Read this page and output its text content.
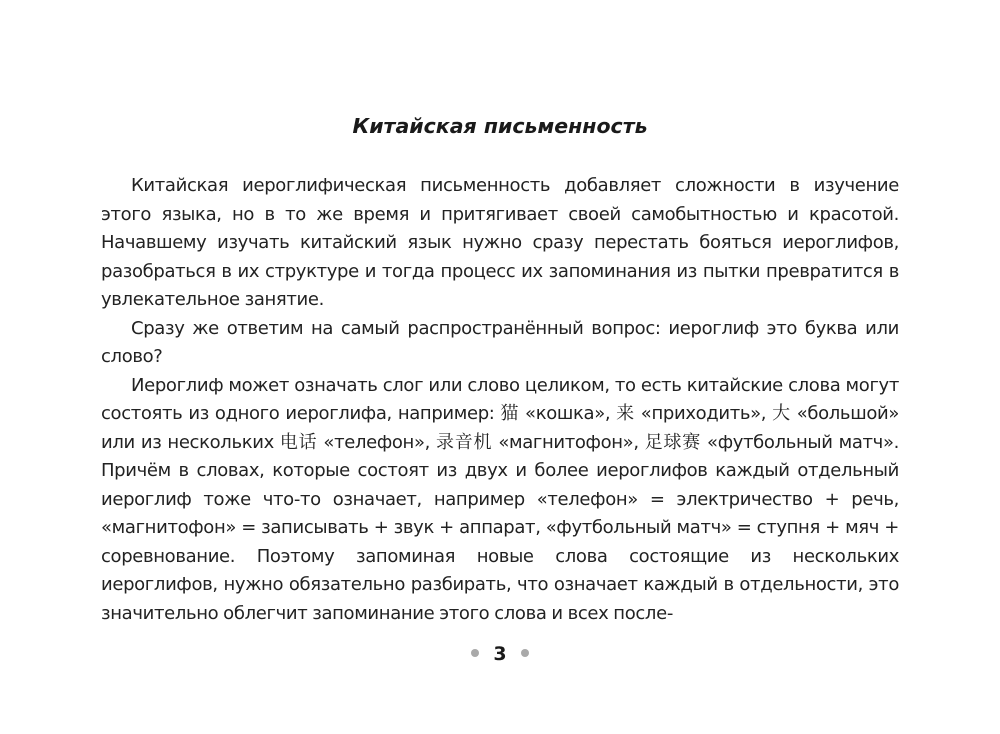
Китайская письменность

Китайская иероглифическая письменность добавляет сложности в изучение этого языка, но в то же время и притягивает своей самобытностью и красотой. Начавшему изучать китайский язык нужно сразу перестать бояться иероглифов, разобраться в их структуре и тогда процесс их запоминания из пытки превратится в увлекательное занятие.

Сразу же ответим на самый распространённый вопрос: иероглиф это буква или слово?

Иероглиф может означать слог или слово целиком, то есть китайские слова могут состоять из одного иероглифа, например: 猫 «кошка», 来 «приходить», 大 «большой» или из нескольких 电话 «телефон», 录音机 «магнитофон», 足球赛 «футбольный матч». Причём в словах, которые состоят из двух и более иероглифов каждый отдельный иероглиф тоже что-то означает, например «телефон» = электричество + речь, «магнитофон» = записывать + звук + аппарат, «футбольный матч» = ступня + мяч + соревнование. Поэтому запоминая новые слова состоящие из нескольких иероглифов, нужно обязательно разбирать, что означает каждый в отдельности, это значительно облегчит запоминание этого слова и всех после-

3
